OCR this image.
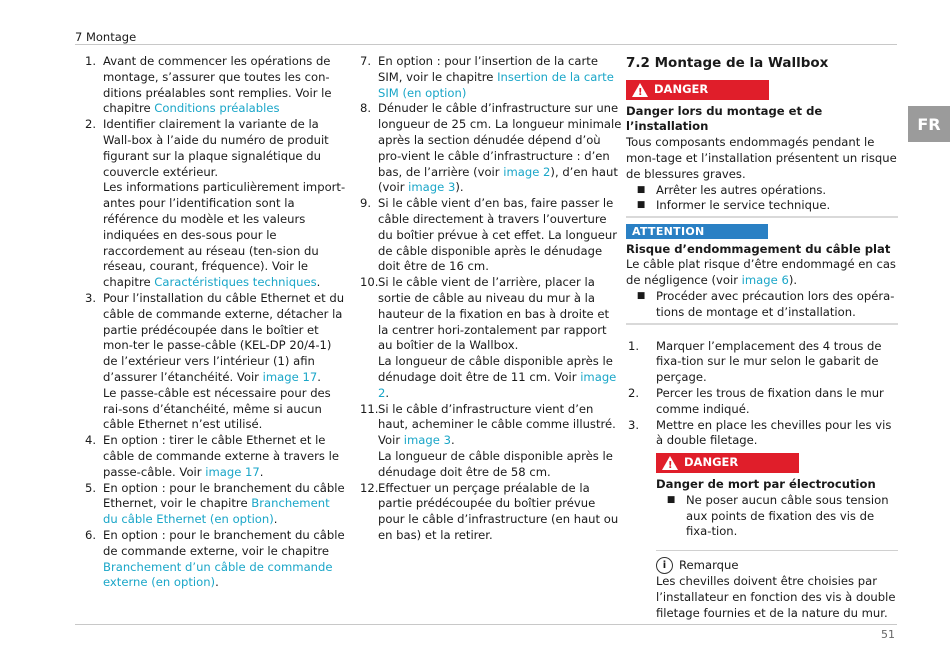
7 Montage
FR
1. Avant de commencer les opérations de montage, s’assurer que toutes les con-ditions préalables sont remplies. Voir le chapitre Conditions préalables

2. Identifier clairement la variante de la Wall-box à l’aide du numéro de produit figurant sur la plaque signalétique du couvercle extérieur.

Les informations particulièrement import-antes pour l’identification sont la référence du modèle et les valeurs indiquées en des-sous pour le raccordement au réseau (ten-sion du réseau, courant, fréquence). Voir le chapitre Caractéristiques techniques.

3. Pour l’installation du câble Ethernet et du câble de commande externe, détacher la partie prédécoupée dans le boîtier et mon-ter le passe-câble (KEL-DP 20/4-1) de l’extérieur vers l’intérieur (1) afin d’assurer l’étanchéité. Voir image 17.

Le passe-câble est nécessaire pour des rai-sons d’étanchéité, même si aucun câble Ethernet n’est utilisé.

4. En option : tirer le câble Ethernet et le câble de commande externe à travers le passe-câble. Voir image 17.

5. En option : pour le branchement du câble Ethernet, voir le chapitre Branchement du câble Ethernet (en option).

6. En option : pour le branchement du câble de commande externe, voir le chapitre Branchement d’un câble de commande externe (en option).

7. En option : pour l’insertion de la carte SIM, voir le chapitre Insertion de la carte SIM (en option)

8. Dénuder le câble d’infrastructure sur une longueur de 25 cm. La longueur minimale après la section dénudée dépend d’où pro-vient le câble d’infrastructure : d’en bas, de l’arrière (voir image 2), d’en haut (voir image 3).

9. Si le câble vient d’en bas, faire passer le câble directement à travers l’ouverture du boîtier prévue à cet effet. La longueur de câble disponible après le dénudage doit être de 16 cm.

10. Si le câble vient de l’arrière, placer la sortie de câble au niveau du mur à la hauteur de la fixation en bas à droite et la centrer hori-zontalement par rapport au boîtier de la Wallbox.

La longueur de câble disponible après le dénudage doit être de 11 cm. Voir image 2.

11. Si le câble d’infrastructure vient d’en haut, acheminer le câble comme illustré. Voir image 3.

La longueur de câble disponible après le dénudage doit être de 58 cm.

12. Effectuer un perçage préalable de la partie prédécoupée du boîtier prévue pour le câble d’infrastructure (en haut ou en bas) et la retirer.

7.2 Montage de la Wallbox
! DANGER
Danger lors du montage et de l’installation
Tous composants endommagés pendant le mon-tage et l’installation présentent un risque de blessures graves.
■ Arrêter les autres opérations.
■ Informer le service technique.
ATTENTION
Risque d’endommagement du câble plat
Le câble plat risque d’être endommagé en cas de négligence (voir image 6).
■ Procéder avec précaution lors des opéra-tions de montage et d’installation.
1.	Marquer l’emplacement des 4 trous de fixa-tion sur le mur selon le gabarit de perçage.
2.	Percer les trous de fixation dans le mur comme indiqué.
3.	Mettre en place les chevilles pour les vis à double filetage.
! DANGER
Danger de mort par électrocution
■ Ne poser aucun câble sous tension aux points de fixation des vis de fixa-tion.
i Remarque
Les chevilles doivent être choisies par l’installateur en fonction des vis à double filetage fournies et de la nature du mur.
51
